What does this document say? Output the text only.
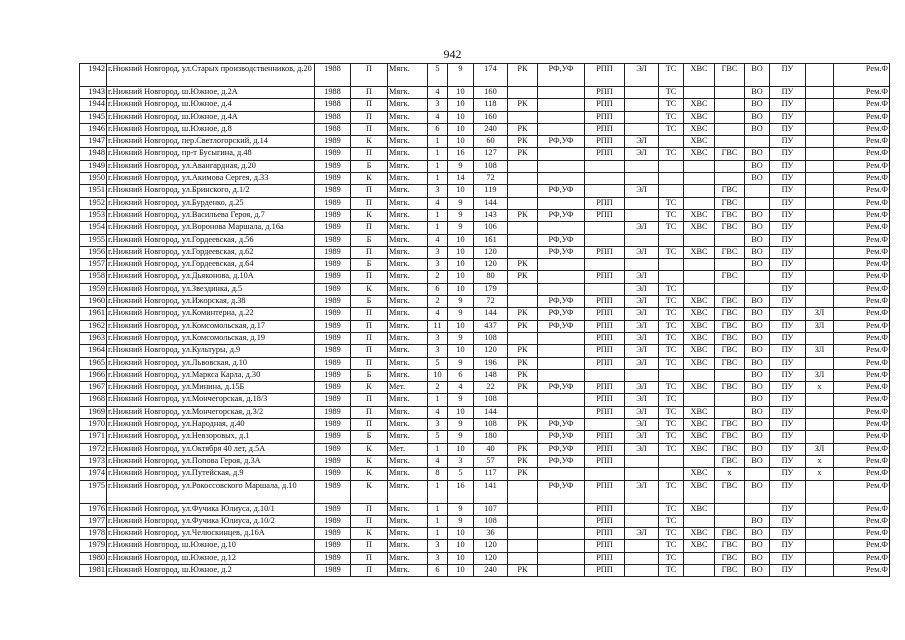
942
1942	г.Нижний Новгород, ул.Старых производственников, д.20	1988	П	Мягк.	5	9	174	РК	РФ,УФ	РПП	ЭЛ	ТС	ХВС	ГВС	ВО	ПУ		Рем.Ф
1943	г.Нижний Новгород, ш.Южное, д.2А	1988	П	Мягк.	4	10	160			РПП		ТС			ВО	ПУ		Рем.Ф
1944	г.Нижний Новгород, ш.Южное, д.4	1988	П	Мягк.	3	10	118	РК		РПП		ТС	ХВС		ВО	ПУ		Рем.Ф
1945	г.Нижний Новгород, ш.Южное, д.4А	1988	П	Мягк.	4	10	160			РПП		ТС	ХВС		ВО	ПУ		Рем.Ф
1946	г.Нижний Новгород, ш.Южное, д.8	1988	П	Мягк.	6	10	240	РК		РПП		ТС	ХВС		ВО	ПУ		Рем.Ф
1947	г.Нижний Новгород, пер.Светлогорский, д.14	1989	К	Мягк.	1	10	60	РК	РФ,УФ	РПП	ЭЛ		ХВС			ПУ		Рем.Ф
1948	г.Нижний Новгород, пр-т Бусыгина, д.48	1989	П	Мягк.	1	16	127	РК		РПП	ЭЛ	ТС	ХВС	ГВС	ВО	ПУ		Рем.Ф
1949	г.Нижний Новгород, ул.Авангардная, д.20	1989	Б	Мягк.	1	9	108								ВО	ПУ		Рем.Ф
1950	г.Нижний Новгород, ул.Акимова Сергея, д.33	1989	К	Мягк.	1	14	72								ВО	ПУ		Рем.Ф
1951	г.Нижний Новгород, ул.Бринского, д.1/2	1989	П	Мягк.	3	10	119		РФ,УФ		ЭЛ			ГВС		ПУ		Рем.Ф
1952	г.Нижний Новгород, ул.Бурденко, д.25	1989	П	Мягк.	4	9	144			РПП		ТС		ГВС		ПУ		Рем.Ф
1953	г.Нижний Новгород, ул.Васильева Героя, д.7	1989	К	Мягк.	1	9	143	РК	РФ,УФ	РПП		ТС	ХВС	ГВС	ВО	ПУ		Рем.Ф
1954	г.Нижний Новгород, ул.Воронова Маршала, д.16а	1989	П	Мягк.	1	9	106				ЭЛ	ТС	ХВС	ГВС	ВО	ПУ		Рем.Ф
1955	г.Нижний Новгород, ул.Гордеевская, д.56	1989	Б	Мягк.	4	10	161		РФ,УФ						ВО	ПУ		Рем.Ф
1956	г.Нижний Новгород, ул.Гордеевская, д.62	1989	П	Мягк.	3	10	120		РФ,УФ	РПП	ЭЛ	ТС	ХВС	ГВС	ВО	ПУ		Рем.Ф
1957	г.Нижний Новгород, ул.Гордеевская, д.64	1989	Б	Мягк.	3	10	120	РК							ВО	ПУ		Рем.Ф
1958	г.Нижний Новгород, ул.Дьяконова, д.10А	1989	П	Мягк.	2	10	80	РК		РПП	ЭЛ			ГВС		ПУ		Рем.Ф
1959	г.Нижний Новгород, ул.Звездинка, д.5	1989	К	Мягк.	6	10	179				ЭЛ	ТС				ПУ		Рем.Ф
1960	г.Нижний Новгород, ул.Ижорская, д.38	1989	Б	Мягк.	2	9	72		РФ,УФ	РПП	ЭЛ	ТС	ХВС	ГВС	ВО	ПУ		Рем.Ф
1961	г.Нижний Новгород, ул.Коминтерна, д.22	1989	П	Мягк.	4	9	144	РК	РФ,УФ	РПП	ЭЛ	ТС	ХВС	ГВС	ВО	ПУ	ЗЛ	Рем.Ф
1962	г.Нижний Новгород, ул.Комсомольская, д.17	1989	П	Мягк.	11	10	437	РК	РФ,УФ	РПП	ЭЛ	ТС	ХВС	ГВС	ВО	ПУ	ЗЛ	Рем.Ф
1963	г.Нижний Новгород, ул.Комсомольская, д.19	1989	П	Мягк.	3	9	108			РПП	ЭЛ	ТС	ХВС	ГВС	ВО	ПУ		Рем.Ф
1964	г.Нижний Новгород, ул.Культуры, д.9	1989	П	Мягк.	3	10	120	РК		РПП	ЭЛ	ТС	ХВС	ГВС	ВО	ПУ	ЗЛ	Рем.Ф
1965	г.Нижний Новгород, ул.Львовская, д.10	1989	П	Мягк.	5	9	196	РК		РПП	ЭЛ	ТС	ХВС	ГВС	ВО	ПУ		Рем.Ф
1966	г.Нижний Новгород, ул.Маркса Карла, д.30	1989	Б	Мягк.	10	6	148	РК							ВО	ПУ	ЗЛ	Рем.Ф
1967	г.Нижний Новгород, ул.Минина, д.15Б	1989	К	Мет.	2	4	22	РК	РФ,УФ	РПП	ЭЛ	ТС	ХВС	ГВС	ВО	ПУ	х	Рем.Ф
1968	г.Нижний Новгород, ул.Мончегорская, д.18/3	1989	П	Мягк.	1	9	108			РПП	ЭЛ	ТС			ВО	ПУ		Рем.Ф
1969	г.Нижний Новгород, ул.Мончегорская, д.3/2	1989	П	Мягк.	4	10	144			РПП	ЭЛ	ТС	ХВС		ВО	ПУ		Рем.Ф
1970	г.Нижний Новгород, ул.Народная, д.40	1989	П	Мягк.	3	9	108	РК	РФ,УФ		ЭЛ	ТС	ХВС	ГВС	ВО	ПУ		Рем.Ф
1971	г.Нижний Новгород, ул.Невзоровых, д.1	1989	Б	Мягк.	5	9	180		РФ,УФ	РПП	ЭЛ	ТС	ХВС	ГВС	ВО	ПУ		Рем.Ф
1972	г.Нижний Новгород, ул.Октября 40 лет, д.5А	1989	К	Мет.	1	10	40	РК	РФ,УФ	РПП	ЭЛ	ТС	ХВС	ГВС	ВО	ПУ	ЗЛ	Рем.Ф
1973	г.Нижний Новгород, ул.Попова Героя, д.3А	1989	К	Мягк.	4	3	57	РК	РФ,УФ	РПП				ГВС	ВО	ПУ	х	Рем.Ф
1974	г.Нижний Новгород, ул.Путейская, д.9	1989	К	Мягк.	8	5	117	РК					ХВС	х		ПУ	х	Рем.Ф
1975	г.Нижний Новгород, ул.Рокоссовского Маршала, д.10	1989	К	Мягк.	1	16	141		РФ,УФ	РПП	ЭЛ	ТС	ХВС	ГВС	ВО	ПУ		Рем.Ф
1976	г.Нижний Новгород, ул.Фучика Юлиуса, д.10/1	1989	П	Мягк.	1	9	107			РПП		ТС	ХВС			ПУ		Рем.Ф
1977	г.Нижний Новгород, ул.Фучика Юлиуса, д.10/2	1989	П	Мягк.	1	9	108			РПП		ТС			ВО	ПУ		Рем.Ф
1978	г.Нижний Новгород, ул.Челюскинцев, д.16А	1989	К	Мягк.	1	10	36			РПП	ЭЛ	ТС	ХВС	ГВС	ВО	ПУ		Рем.Ф
1979	г.Нижний Новгород, ш.Южное, д.10	1989	П	Мягк.	3	10	120			РПП		ТС	ХВС	ГВС	ВО	ПУ		Рем.Ф
1980	г.Нижний Новгород, ш.Южное, д.12	1989	П	Мягк.	3	10	120			РПП		ТС		ГВС	ВО	ПУ		Рем.Ф
1981	г.Нижний Новгород, ш.Южное, д.2	1989	П	Мягк.	6	10	240	РК		РПП		ТС		ГВС	ВО	ПУ		Рем.Ф
